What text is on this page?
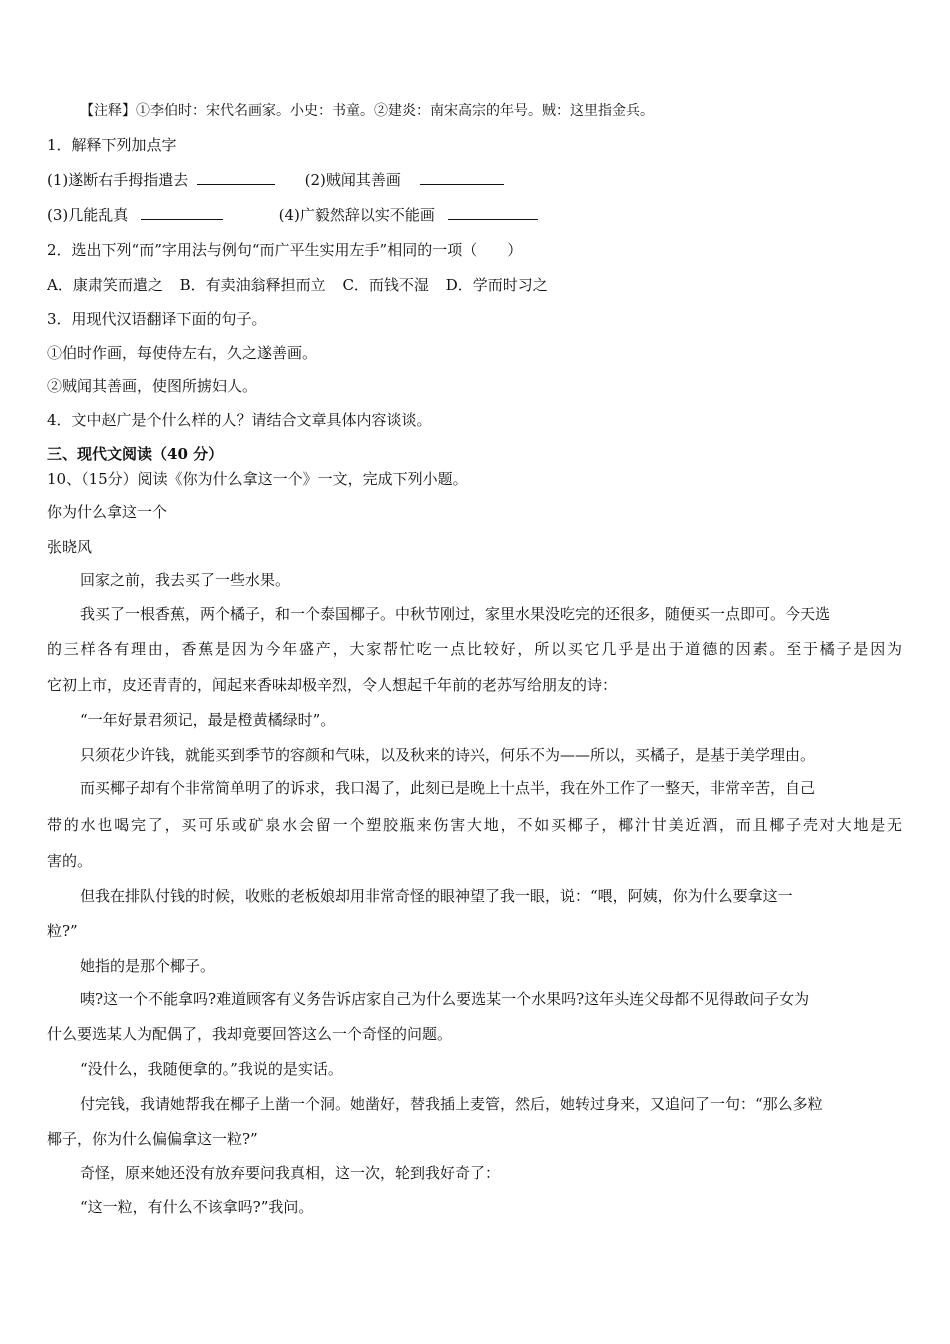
【注释】①李伯时：宋代名画家。小史：书童。②建炎：南宋高宗的年号。贼：这里指金兵。
1．解释下列加点字
(1)遂断右手拇指遣去	(2)贼闻其善画
(3)几能乱真	(4)广毅然辞以实不能画
2．选出下列“而”字用法与例句“而广平生实用左手”相同的一项（　　）
A．康肃笑而遣之 B．有卖油翁释担而立 C．而钱不湿 D．学而时习之
3．用现代汉语翻译下面的句子。
①伯时作画，每使侍左右，久之遂善画。
②贼闻其善画，使图所掳妇人。
4．文中赵广是个什么样的人？请结合文章具体内容谈谈。
三、现代文阅读（40 分）
10、（15分）阅读《你为什么拿这一个》一文，完成下列小题。
你为什么拿这一个
张晓风
回家之前，我去买了一些水果。
我买了一根香蕉，两个橘子，和一个泰国椰子。中秋节刚过，家里水果没吃完的还很多，随便买一点即可。今天选
的三样各有理由，香蕉是因为今年盛产，大家帮忙吃一点比较好，所以买它几乎是出于道德的因素。至于橘子是因为
它初上市，皮还青青的，闻起来香味却极辛烈，令人想起千年前的老苏写给朋友的诗：
“一年好景君须记，最是橙黄橘绿时”。
只须花少许钱，就能买到季节的容颜和气味，以及秋来的诗兴，何乐不为——所以，买橘子，是基于美学理由。
而买椰子却有个非常简单明了的诉求，我口渴了，此刻已是晚上十点半，我在外工作了一整天，非常辛苦，自己
带的水也喝完了，买可乐或矿泉水会留一个塑胶瓶来伤害大地，不如买椰子，椰汁甘美近酒，而且椰子壳对大地是无
害的。
但我在排队付钱的时候，收账的老板娘却用非常奇怪的眼神望了我一眼，说：“喂，阿姨，你为什么要拿这一
粒?”
她指的是那个椰子。
咦?这一个不能拿吗?难道顾客有义务告诉店家自己为什么要选某一个水果吗?这年头连父母都不见得敢问子女为
什么要选某人为配偶了，我却竟要回答这么一个奇怪的问题。
“没什么，我随便拿的。”我说的是实话。
付完钱，我请她帮我在椰子上凿一个洞。她凿好，替我插上麦管，然后，她转过身来，又追问了一句：“那么多粒
椰子，你为什么偏偏拿这一粒?”
奇怪，原来她还没有放弃要问我真相，这一次，轮到我好奇了：
“这一粒，有什么不该拿吗?”我问。
